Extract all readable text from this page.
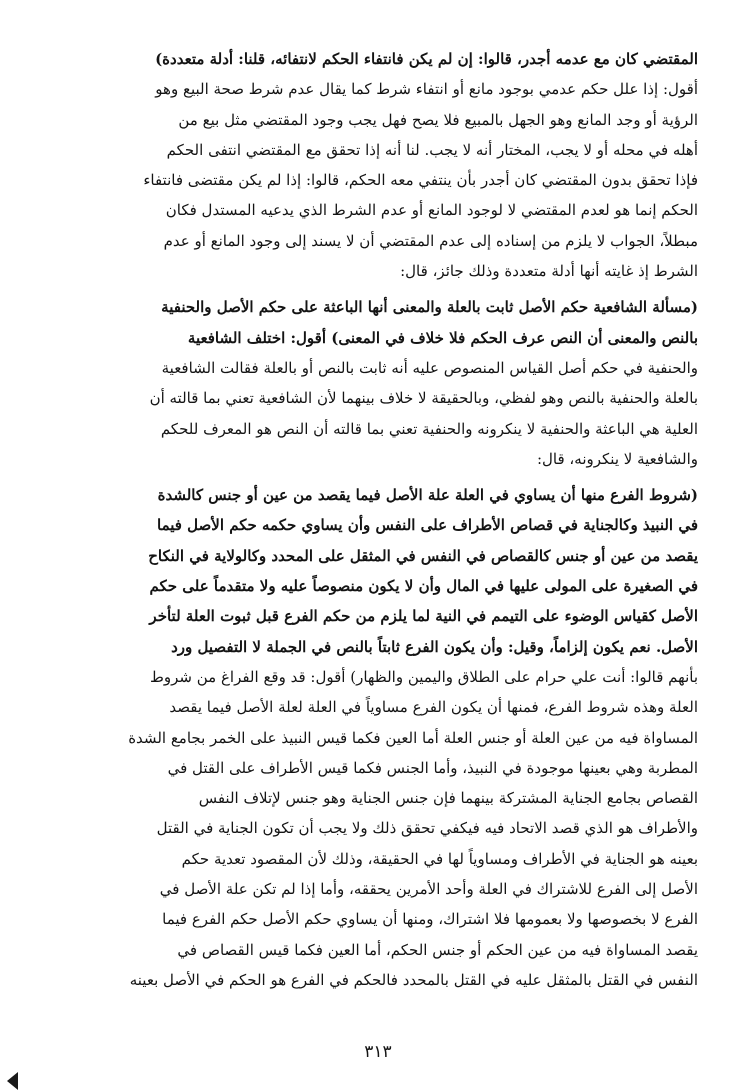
المقتضي كان مع عدمه أجدر، قالوا: إن لم يكن فانتفاء الحكم لانتفائه، قلنا: أدلة متعددة)
أقول: إذا علل حكم عدمي بوجود مانع أو انتفاء شرط كما يقال عدم شرط صحة البيع وهو
الرؤية أو وجد المانع وهو الجهل بالمبيع فلا يصح فهل يجب وجود المقتضي مثل بيع من
أهله في محله أو لا يجب، المختار أنه لا يجب. لنا أنه إذا تحقق مع المقتضي انتفى الحكم
فإذا تحقق بدون المقتضي كان أجدر بأن ينتفي معه الحكم، قالوا: إذا لم يكن مقتضى فانتفاء
الحكم إنما هو لعدم المقتضي لا لوجود المانع أو عدم الشرط الذي يدعيه المستدل فكان
مبطلاً، الجواب لا يلزم من إسناده إلى عدم المقتضي أن لا يسند إلى وجود المانع أو عدم
الشرط إذ غايته أنها أدلة متعددة وذلك جائز، قال:
(مسألة الشافعية حكم الأصل ثابت بالعلة والمعنى أنها الباعثة على حكم الأصل والحنفية
بالنص والمعنى أن النص عرف الحكم فلا خلاف في المعنى) أقول: اختلف الشافعية
والحنفية في حكم أصل القياس المنصوص عليه أنه ثابت بالنص أو بالعلة فقالت الشافعية
بالعلة والحنفية بالنص وهو لفظي، وبالحقيقة لا خلاف بينهما لأن الشافعية تعني بما قالته أن
العلية هي الباعثة والحنفية لا ينكرونه والحنفية تعني بما قالته أن النص هو المعرف للحكم
والشافعية لا ينكرونه، قال:
(شروط الفرع منها أن يساوي في العلة علة الأصل فيما يقصد من عين أو جنس كالشدة
في النبيذ وكالجناية في قصاص الأطراف على النفس وأن يساوي حكمه حكم الأصل فيما
يقصد من عين أو جنس كالقصاص في النفس في المثقل على المحدد وكالولاية في النكاح
في الصغيرة على المولى عليها في المال وأن لا يكون منصوصاً عليه ولا متقدماً على حكم
الأصل كقياس الوضوء على التيمم في النية لما يلزم من حكم الفرع قبل ثبوت العلة لتأخر
الأصل. نعم يكون إلزاماً، وقيل: وأن يكون الفرع ثابتاً بالنص في الجملة لا التفصيل ورد
بأنهم قالوا: أنت علي حرام على الطلاق واليمين والظهار) أقول: قد وقع الفراغ من شروط
العلة وهذه شروط الفرع، فمنها أن يكون الفرع مساوياً في العلة لعلة الأصل فيما يقصد
المساواة فيه من عين العلة أو جنس العلة أما العين فكما قيس النبيذ على الخمر بجامع الشدة
المطربة وهي بعينها موجودة في النبيذ، وأما الجنس فكما قيس الأطراف على القتل في
القصاص بجامع الجناية المشتركة بينهما فإن جنس الجناية وهو جنس لإتلاف النفس
والأطراف هو الذي قصد الاتحاد فيه فيكفي تحقق ذلك ولا يجب أن تكون الجناية في القتل
بعينه هو الجناية في الأطراف ومساوياً لها في الحقيقة، وذلك لأن المقصود تعدية حكم
الأصل إلى الفرع للاشتراك في العلة وأحد الأمرين يحققه، وأما إذا لم تكن علة الأصل في
الفرع لا بخصوصها ولا بعمومها فلا اشتراك، ومنها أن يساوي حكم الأصل حكم الفرع فيما
يقصد المساواة فيه من عين الحكم أو جنس الحكم، أما العين فكما قيس القصاص في
النفس في القتل بالمثقل عليه في القتل بالمحدد فالحكم في الفرع هو الحكم في الأصل بعينه
٣١٣
